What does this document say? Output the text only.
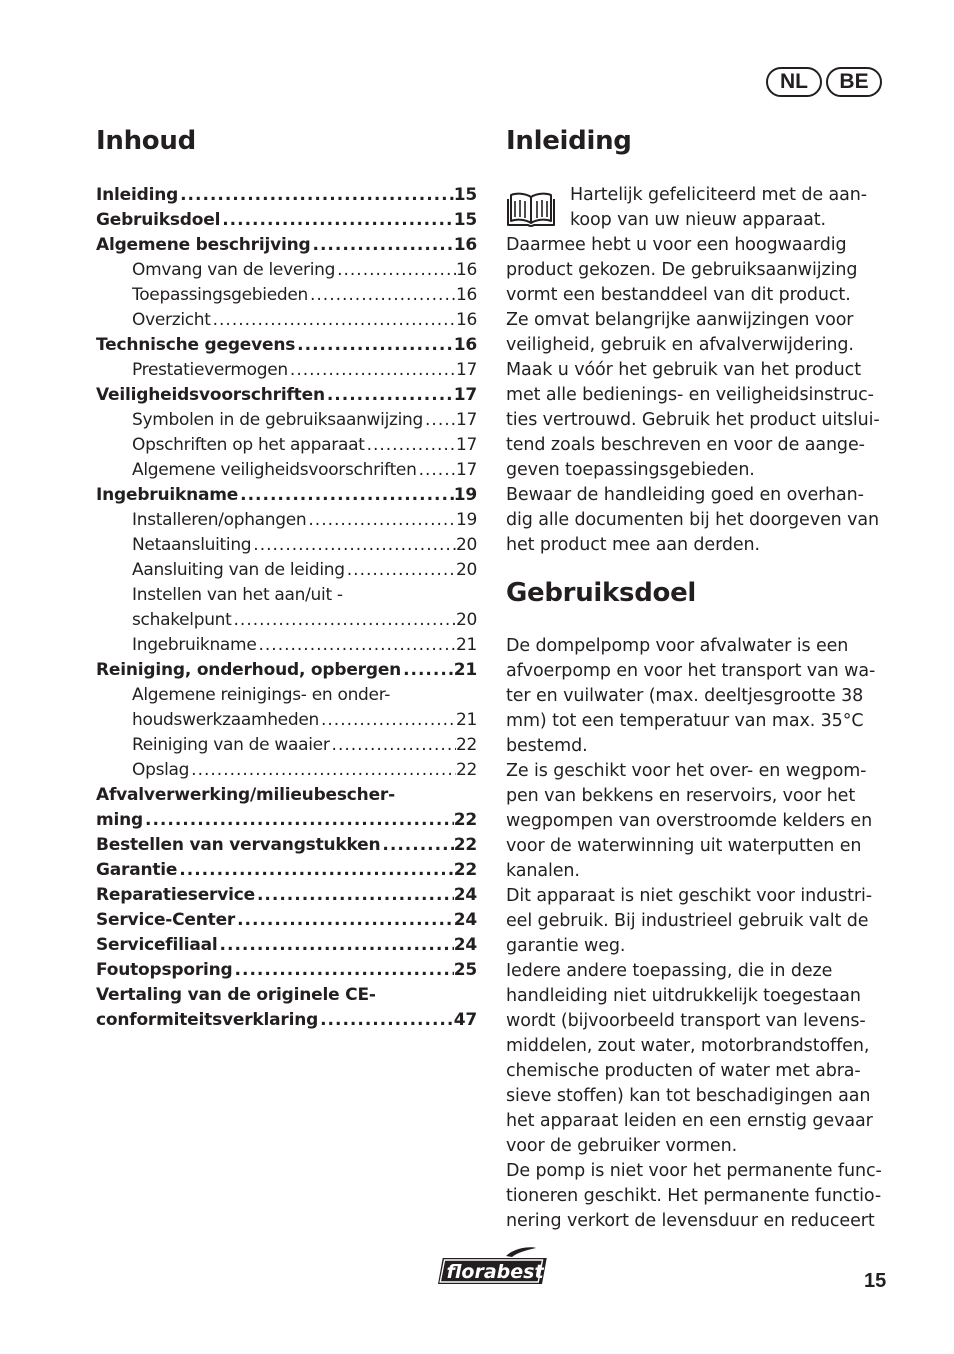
NL	BE
Inhoud
Inleiding .....	15
Gebruiksdoel .....	15
Algemene beschrijving .....	16
Omvang van de levering .....	16
Toepassingsgebieden .....	16
Overzicht .....	16
Technische gegevens .....	16
Prestatievermogen .....	17
Veiligheidsvoorschriften .....	17
Symbolen in de gebruiksaanwijzing ..... 17
Opschriften op het apparaat .....	17
Algemene veiligheidsvoorschriften ..... 17
Ingebruikname .....	19
Installeren/ophangen .....	19
Netaansluiting .....	20
Aansluiting van de leiding .....	20
Instellen van het aan/uit -
schakelpunt .....	20
Ingebruikname .....	21
Reiniging, onderhoud, opbergen .....	21
Algemene reinigings- en onder-
houdswerkzaamheden .....	21
Reiniging van de waaier .....	22
Opslag .....	22
Afvalverwerking/milieubescher-
ming .....	22
Bestellen van vervangstukken .....	22
Garantie .....	22
Reparatieservice .....	24
Service-Center .....	24
Servicefiliaal .....	24
Foutopsporing .....	25
Vertaling van de originele CE-
conformiteitsverklaring .....	47
Inleiding
Hartelijk gefeliciteerd met de aan-
koop van uw nieuw apparaat.
Daarmee hebt u voor een hoogwaardig
product gekozen. De gebruiksaanwijzing
vormt een bestanddeel van dit product.
Ze omvat belangrijke aanwijzingen voor
veiligheid, gebruik en afvalverwijdering.
Maak u vóór het gebruik van het product
met alle bedienings- en veiligheidsinstruc-
ties vertrouwd. Gebruik het product uitslui-
tend zoals beschreven en voor de aange-
geven toepassingsgebieden.
Bewaar de handleiding goed en overhan-
dig alle documenten bij het doorgeven van
het product mee aan derden.
Gebruiksdoel
De dompelpomp voor afvalwater is een
afvoerpomp en voor het transport van wa-
ter en vuilwater (max. deeltjesgrootte 38
mm) tot een temperatuur van max. 35°C
bestemd.
Ze is geschikt voor het over- en wegpom-
pen van bekkens en reservoirs, voor het
wegpompen van overstroomde kelders en
voor de waterwinning uit waterputten en
kanalen.
Dit apparaat is niet geschikt voor industri-
eel gebruik. Bij industrieel gebruik valt de
garantie weg.
Iedere andere toepassing, die in deze
handleiding niet uitdrukkelijk toegestaan
wordt (bijvoorbeeld transport van levens-
middelen, zout water, motorbrandstoffen,
chemische producten of water met abra-
sieve stoffen) kan tot beschadigingen aan
het apparaat leiden en een ernstig gevaar
voor de gebruiker vormen.
De pomp is niet voor het permanente func-
tioneren geschikt. Het permanente functio-
nering verkort de levensduur en reduceert
florabest	15
